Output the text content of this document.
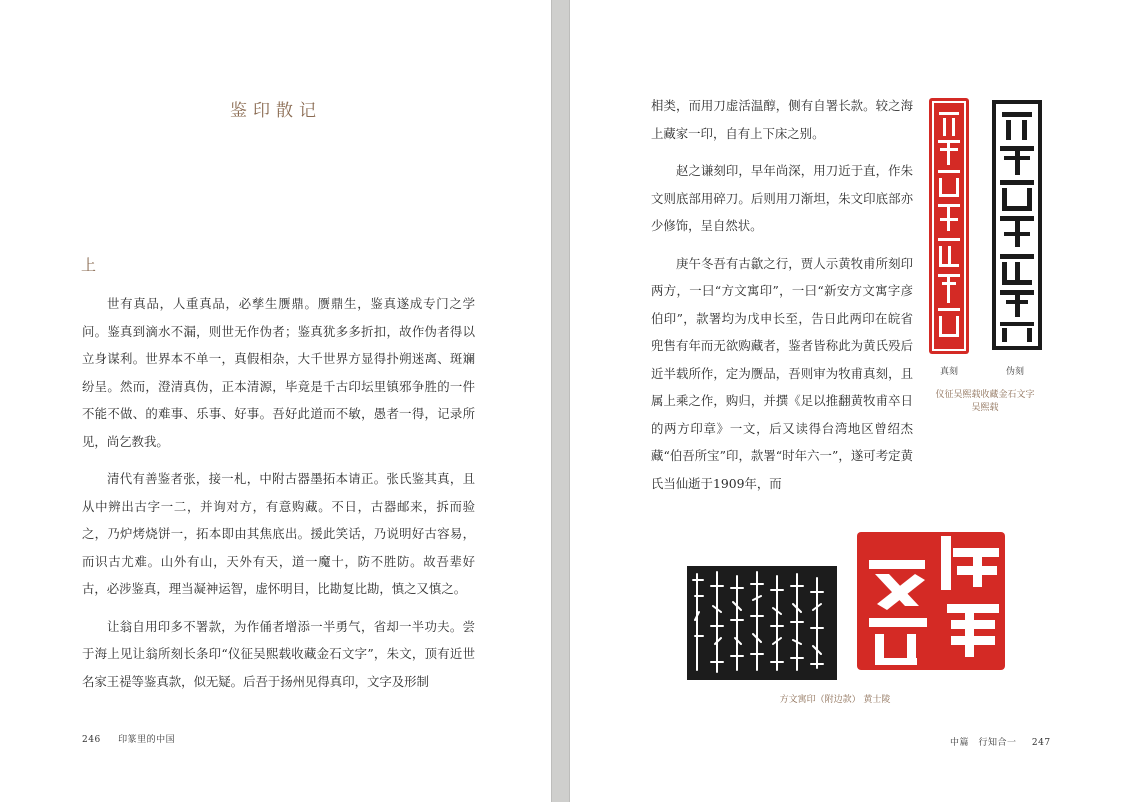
鉴印散记
上

世有真品，人重真品，必孳生赝鼎。赝鼎生，鉴真遂成专门之学问。鉴真到滴水不漏，则世无作伪者；鉴真犹多多折扣，故作伪者得以立身谋利。世界本不单一，真假相杂，大千世界方显得扑朔迷离、斑斓纷呈。然而，澄清真伪，正本清源，毕竟是千古印坛里镇邪争胜的一件不能不做、的难事、乐事、好事。吾好此道而不敏，愚者一得，记录所见，尚乞教我。

清代有善鉴者张，接一札，中附古器墨拓本请正。张氏鉴其真，且从中辨出古字一二，并询对方，有意购藏。不日，古器邮来，拆而验之，乃炉烤烧饼一，拓本即由其焦底出。援此笑话，乃说明好古容易，而识古尤难。山外有山，天外有天，道一魔十，防不胜防。故吾辈好古，必涉鉴真，理当凝神运智，虚怀明目，比勘复比勘，慎之又慎之。

让翁自用印多不署款，为作俑者增添一半勇气，省却一半功夫。尝于海上见让翁所刻长条印“仪征吴熙载收藏金石文字”，朱文，顶有近世名家王禔等鉴真款，似无疑。后吾于扬州见得真印，文字及形制

246 印篆里的中国

相类，而用刀虚活温醇，侧有自署长款。较之海上藏家一印，自有上下床之别。

赵之谦刻印，早年尚深，用刀近于直，作朱文则底部用碎刀。后则用刀渐坦，朱文印底部亦少修饰，呈自然状。

庚午冬吾有古歙之行，贾人示黄牧甫所刻印两方，一曰“方文寓印”，一曰“新安方文寓字彦伯印”，款署均为戊申长至，告日此两印在皖省兜售有年而无欲购藏者，鉴者皆称此为黄氏殁后近半载所作，定为赝品，吾则审为牧甫真刻，且属上乘之作，购归，并撰《足以推翻黄牧甫卒日的两方印章》一文，后又读得台湾地区曾绍杰藏“伯吾所宝”印，款署“时年六一”，遂可考定黄氏当仙逝于1909年，而

真刻	伪刻
仪征吴熙载收藏金石文字
吴熙载
方文寓印（附边款） 黄士陵
中篇　行知合一 247
